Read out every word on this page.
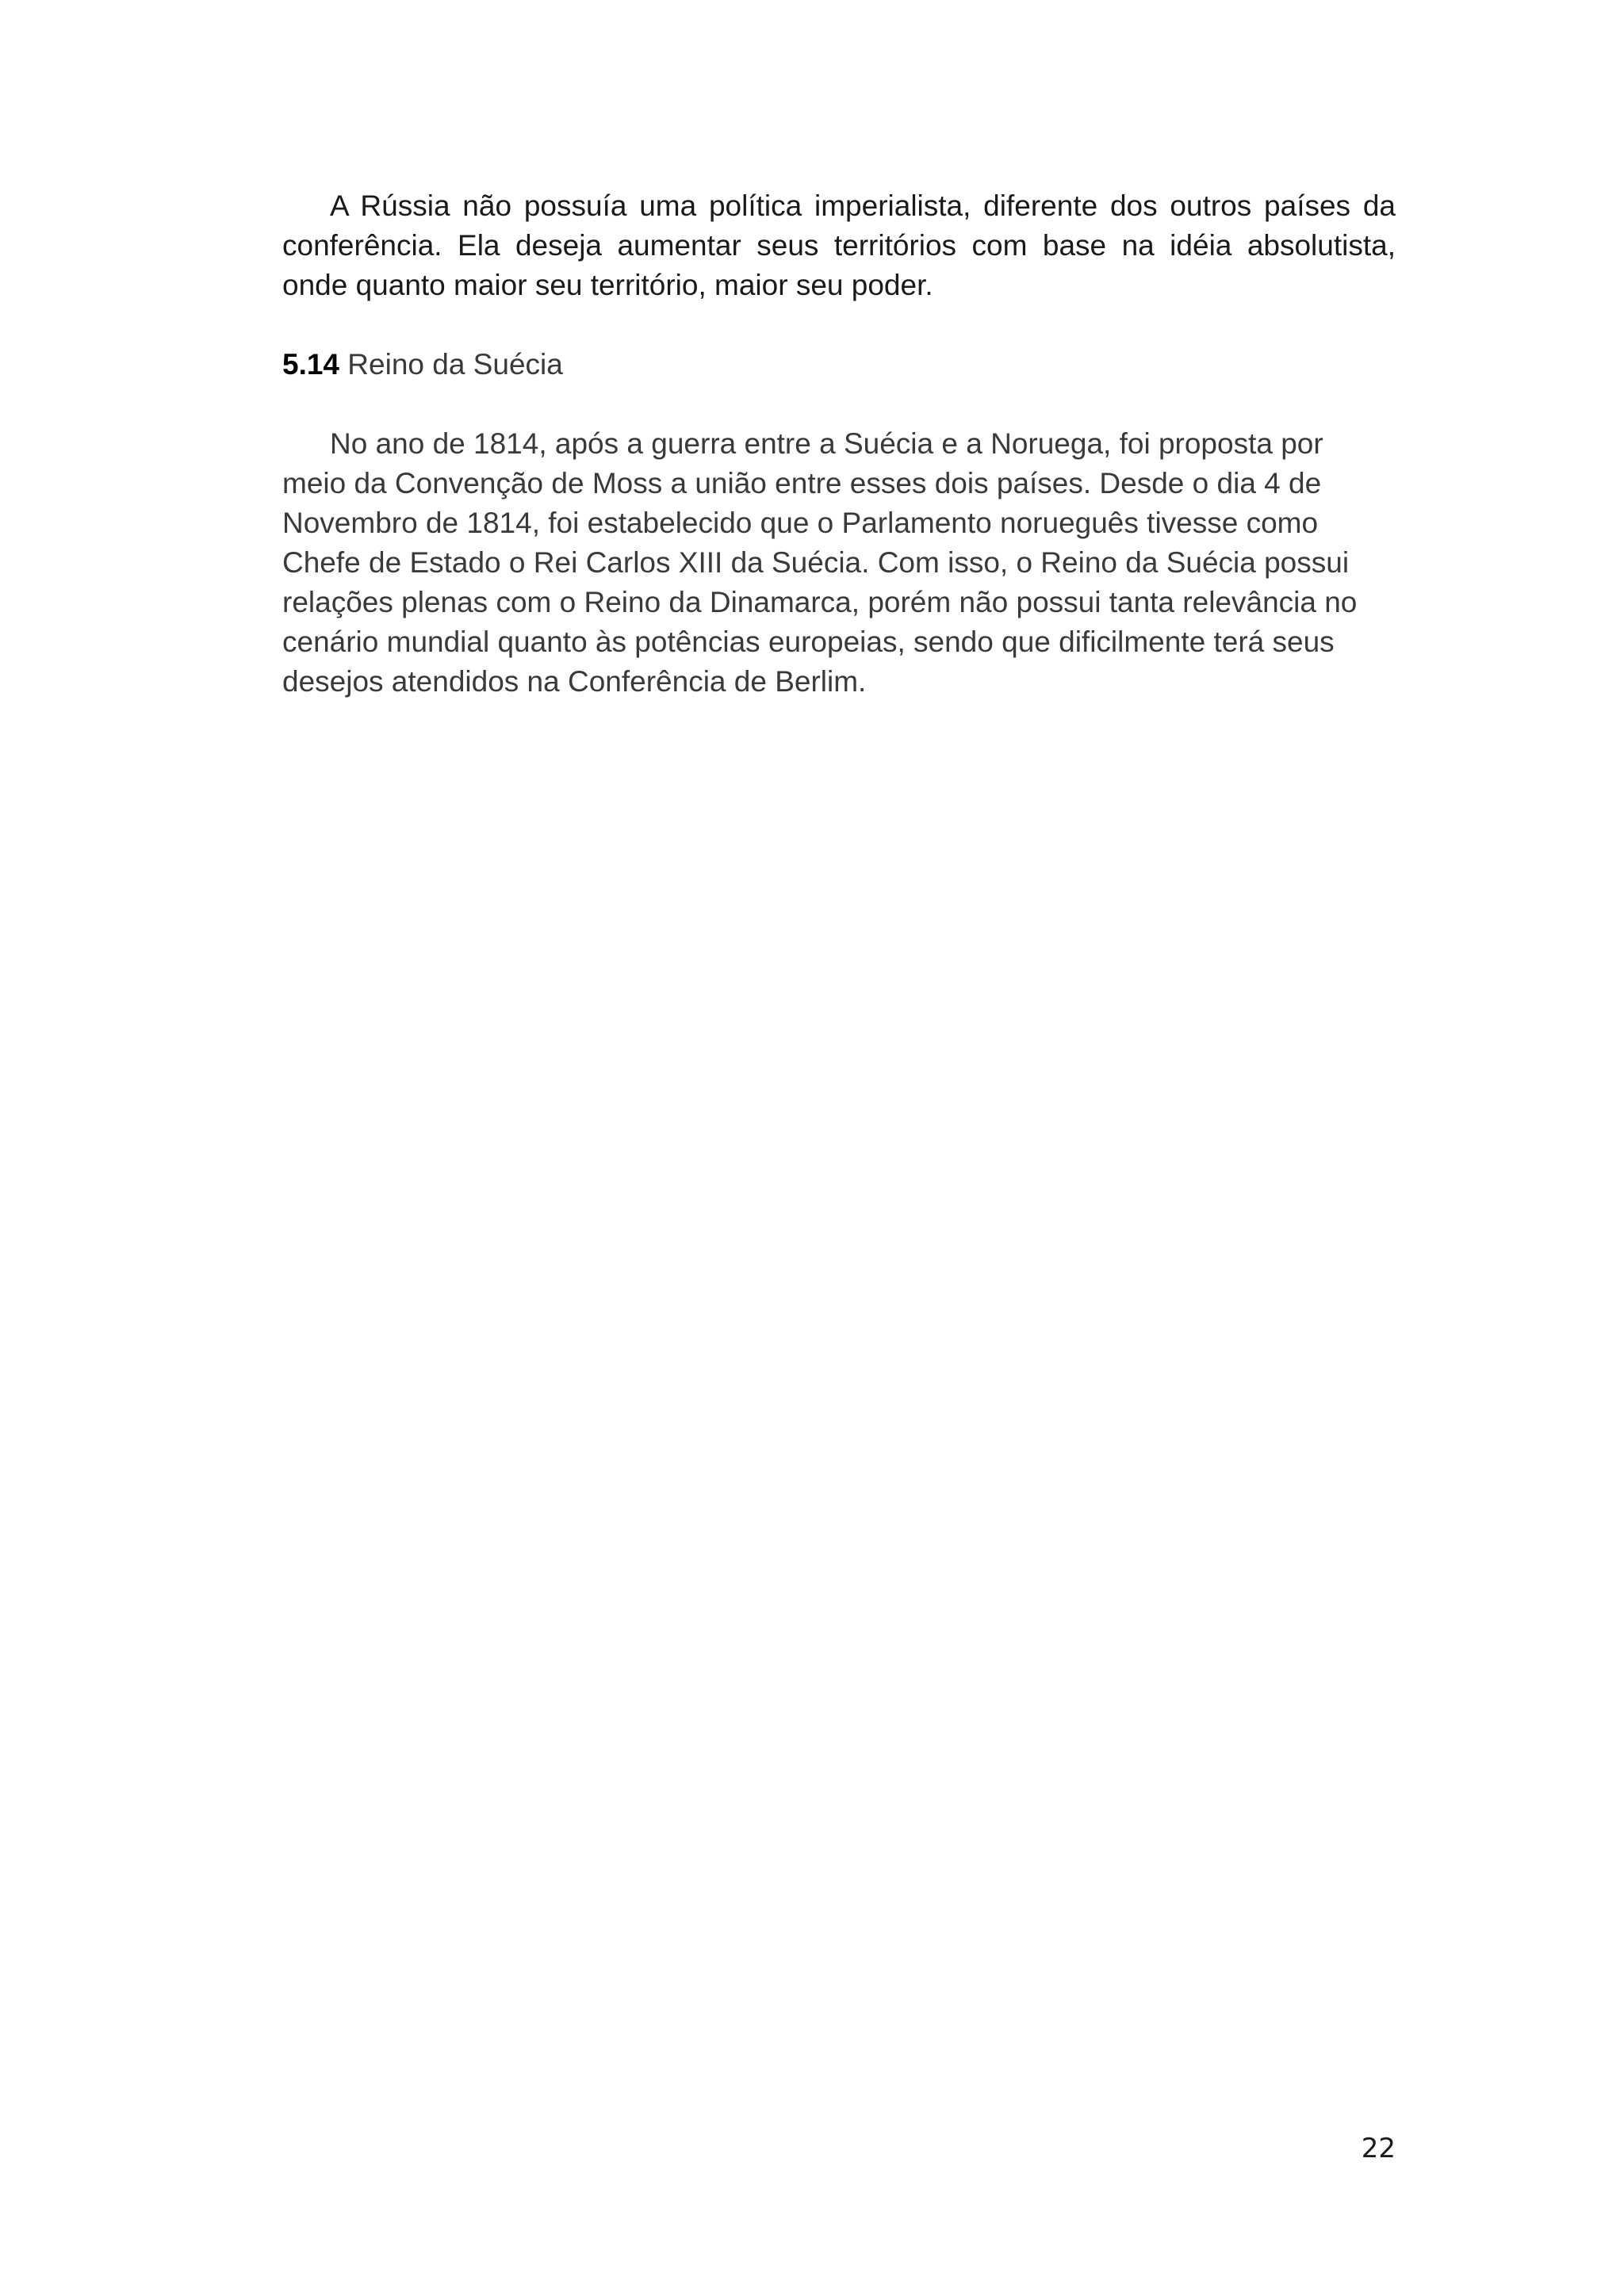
A Rússia não possuía uma política imperialista, diferente dos outros países da conferência. Ela deseja aumentar seus territórios com base na idéia absolutista, onde quanto maior seu território, maior seu poder.

5.14 Reino da Suécia

No ano de 1814, após a guerra entre a Suécia e a Noruega, foi proposta por meio da Convenção de Moss a união entre esses dois países. Desde o dia 4 de Novembro de 1814, foi estabelecido que o Parlamento norueguês tivesse como Chefe de Estado o Rei Carlos XIII da Suécia. Com isso, o Reino da Suécia possui relações plenas com o Reino da Dinamarca, porém não possui tanta relevância no cenário mundial quanto às potências europeias, sendo que dificilmente terá seus desejos atendidos na Conferência de Berlim.

22
